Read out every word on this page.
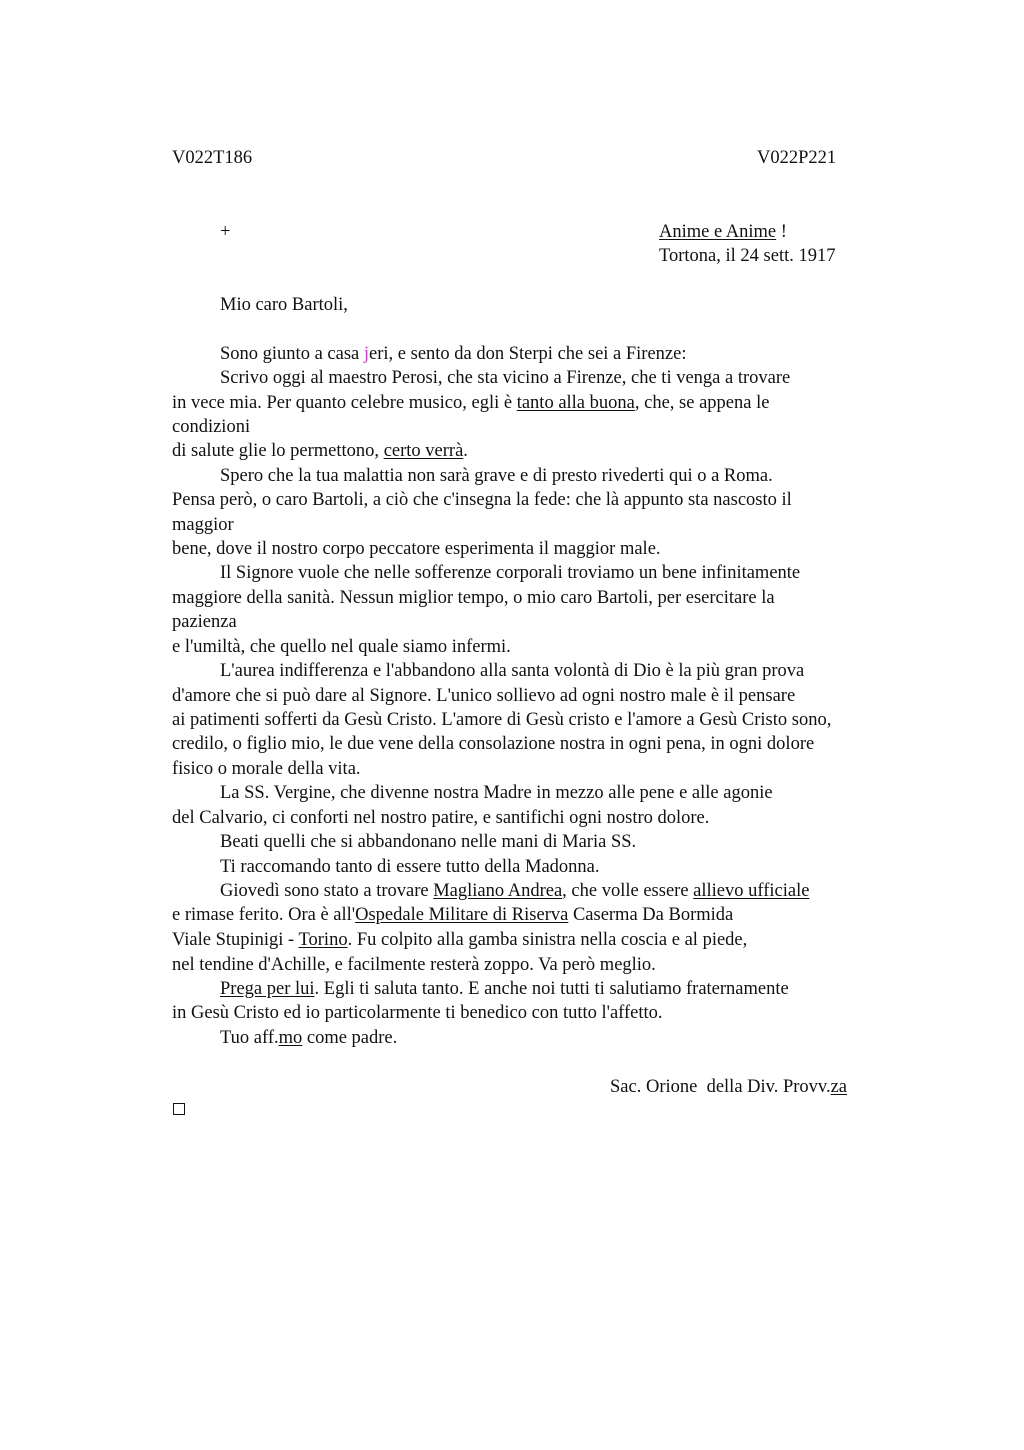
V022T186	V022P221
+	Anime e Anime !
Tortona, il 24 sett. 1917
Mio caro Bartoli,
Sono giunto a casa jeri, e sento da don Sterpi che sei a Firenze:
Scrivo oggi al maestro Perosi, che sta vicino a Firenze, che ti venga a trovare
in vece mia. Per quanto celebre musico, egli è tanto alla buona, che, se appena le
condizioni
di salute glie lo permettono, certo verrà.
Spero che la tua malattia non sarà grave e di presto rivederti qui o a Roma.
Pensa però, o caro Bartoli, a ciò che c'insegna la fede: che là appunto sta nascosto il
maggior
bene, dove il nostro corpo peccatore esperimenta il maggior male.
Il Signore vuole che nelle sofferenze corporali troviamo un bene infinitamente
maggiore della sanità. Nessun miglior tempo, o mio caro Bartoli, per esercitare la
pazienza
e l'umiltà, che quello nel quale siamo infermi.
L'aurea indifferenza e l'abbandono alla santa volontà di Dio è la più gran prova
d'amore che si può dare al Signore. L'unico sollievo ad ogni nostro male è il pensare
ai patimenti sofferti da Gesù Cristo. L'amore di Gesù cristo e l'amore a Gesù Cristo sono,
credilo, o figlio mio, le due vene della consolazione nostra in ogni pena, in ogni dolore
fisico o morale della vita.
La SS. Vergine, che divenne nostra Madre in mezzo alle pene e alle agonie
del Calvario, ci conforti nel nostro patire, e santifichi ogni nostro dolore.
Beati quelli che si abbandonano nelle mani di Maria SS.
Ti raccomando tanto di essere tutto della Madonna.
Giovedì sono stato a trovare Magliano Andrea, che volle essere allievo ufficiale
e rimase ferito. Ora è all'Ospedale Militare di Riserva Caserma Da Bormida
Viale Stupinigi - Torino. Fu colpito alla gamba sinistra nella coscia e al piede,
nel tendine d'Achille, e facilmente resterà zoppo. Va però meglio.
Prega per lui. Egli ti saluta tanto. E anche noi tutti ti salutiamo fraternamente
in Gesù Cristo ed io particolarmente ti benedico con tutto l'affetto.
Tuo aff.mo come padre.
Sac. Orione  della Div. Provv.za
